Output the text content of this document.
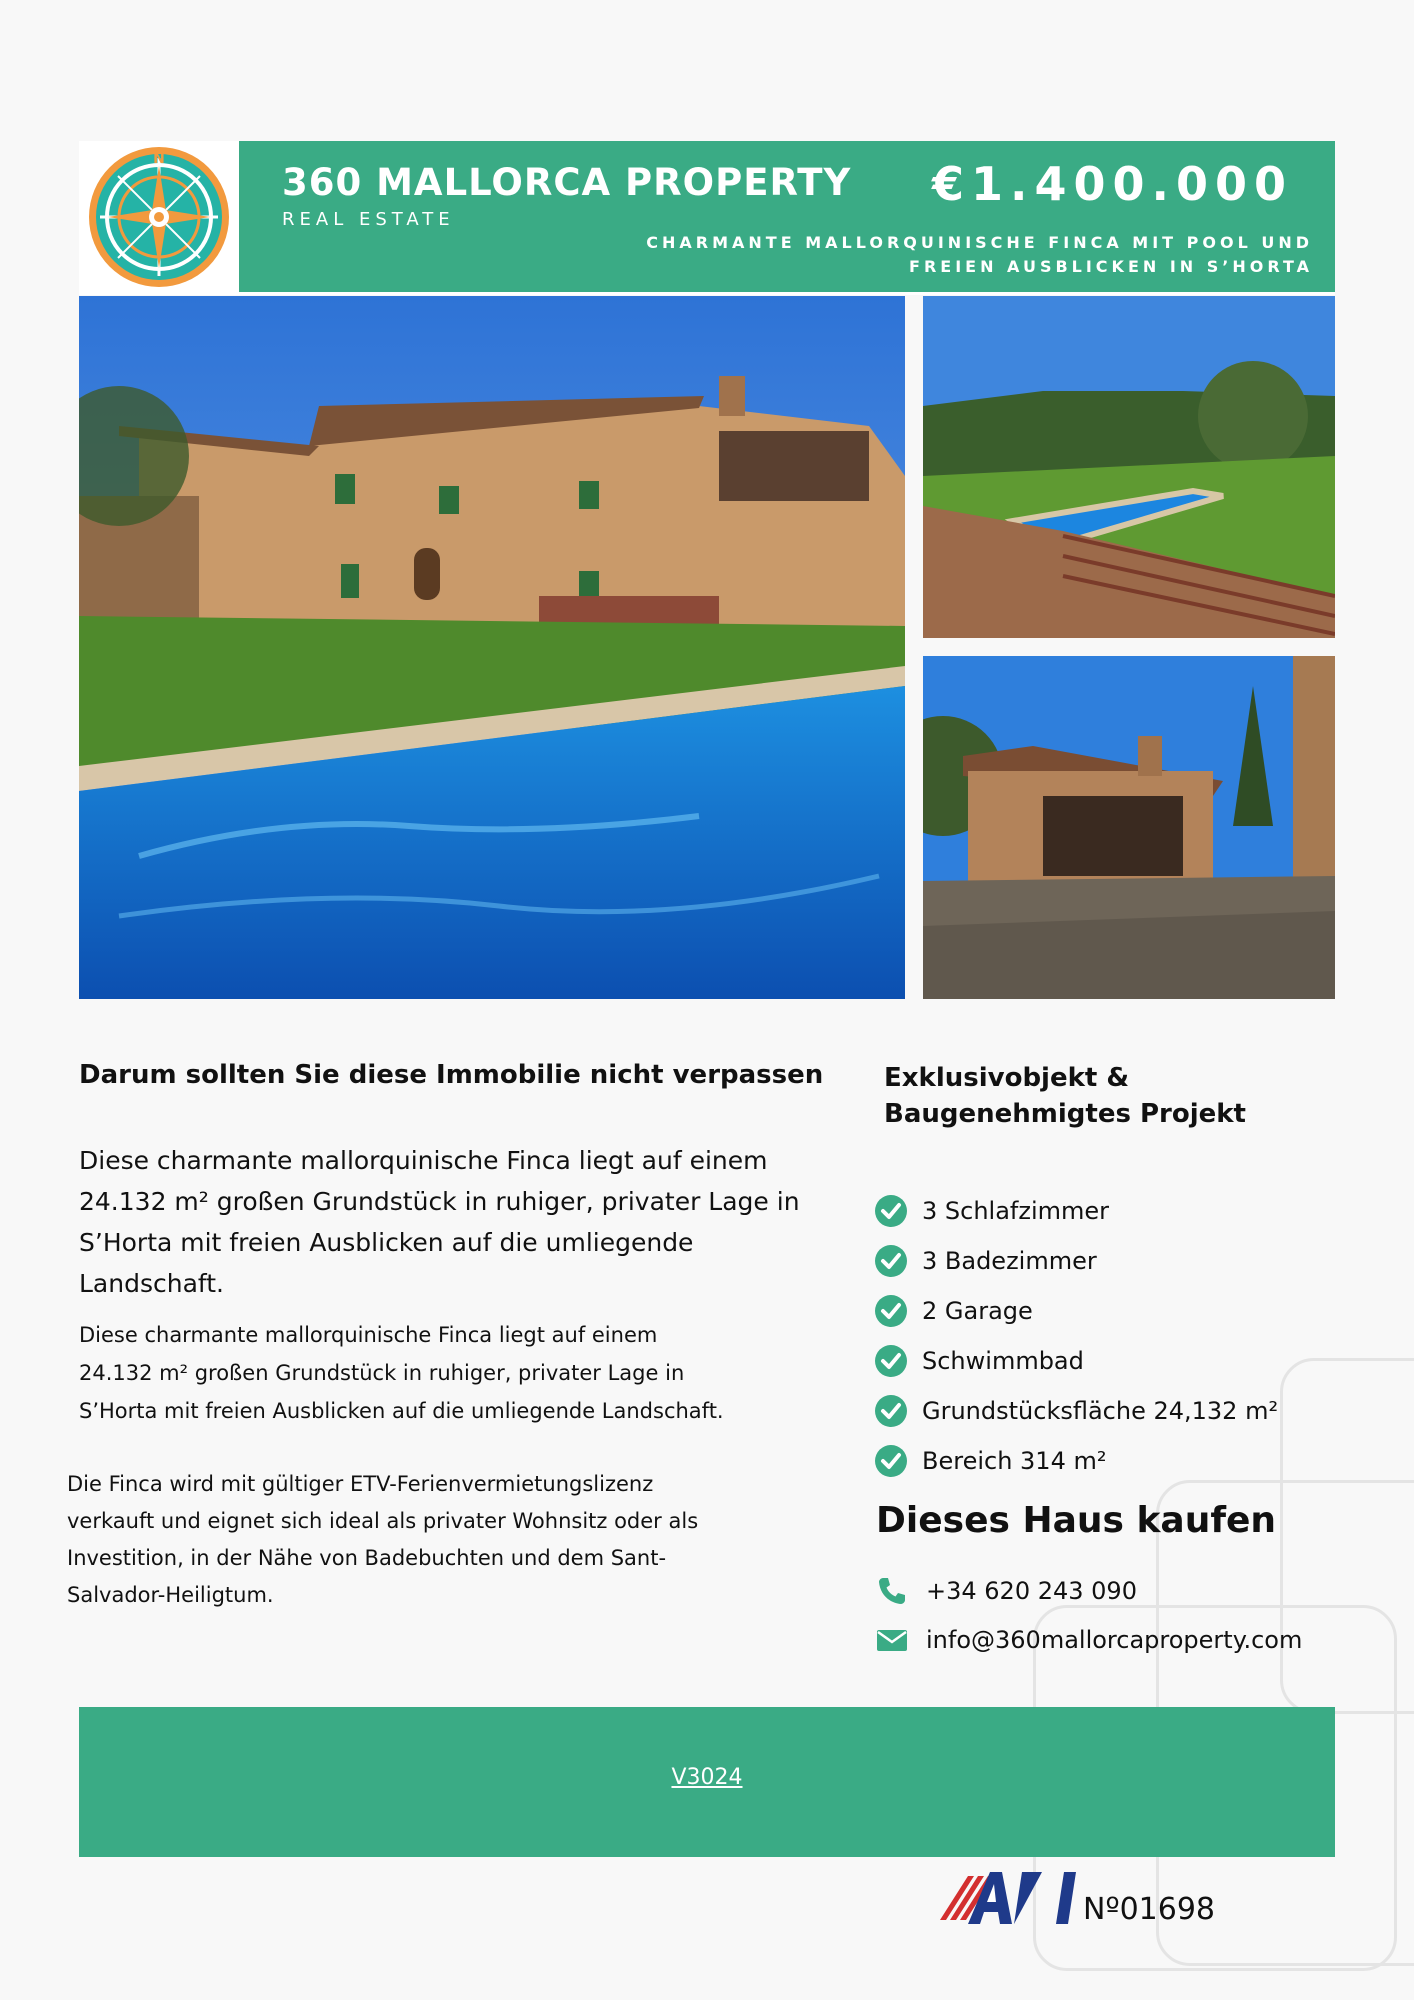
N
360 MALLORCA PROPERTY
REAL ESTATE
€1.400.000
CHARMANTE MALLORQUINISCHE FINCA MIT POOL UND FREIEN AUSBLICKEN IN S’HORTA
Darum sollten Sie diese Immobilie nicht verpassen
Diese charmante mallorquinische Finca liegt auf einem 24.132 m² großen Grundstück in ruhiger, privater Lage in S’Horta mit freien Ausblicken auf die umliegende Landschaft.
Diese charmante mallorquinische Finca liegt auf einem 24.132 m² großen Grundstück in ruhiger, privater Lage in S’Horta mit freien Ausblicken auf die umliegende Landschaft.
Die Finca wird mit gültiger ETV-Ferienvermietungslizenz verkauft und eignet sich ideal als privater Wohnsitz oder als Investition, in der Nähe von Badebuchten und dem Sant-Salvador-Heiligtum.
Exklusivobjekt & Baugenehmigtes Projekt
3 Schlafzimmer
3 Badezimmer
2 Garage
Schwimmbad
Grundstücksfläche 24,132 m²
Bereich 314 m²
Dieses Haus kaufen
+34 620 243 090
info@360mallorcaproperty.com
V3024
Nº01698
